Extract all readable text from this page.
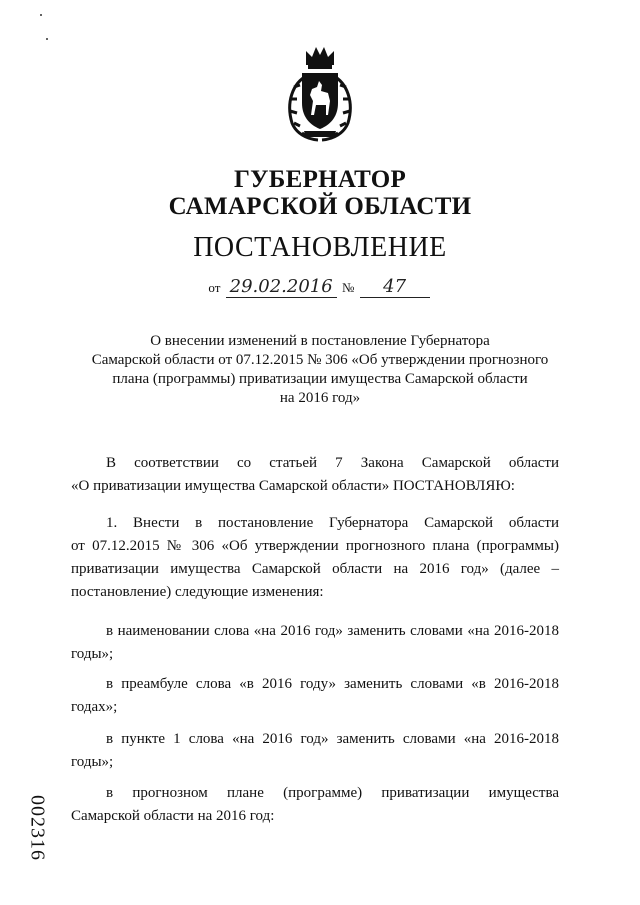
ГУБЕРНАТОР
САМАРСКОЙ ОБЛАСТИ
ПОСТАНОВЛЕНИЕ
от 29.02.2016 № 47
О внесении изменений в постановление Губернатора
Самарской области от 07.12.2015 № 306 «Об утверждении прогнозного
плана (программы) приватизации имущества Самарской области
на 2016 год»
В соответствии со статьей 7 Закона Самарской области
«О приватизации имущества Самарской области» ПОСТАНОВЛЯЮ:
1. Внести в постановление Губернатора Самарской области
от 07.12.2015 № 306 «Об утверждении прогнозного плана (программы)
приватизации имущества Самарской области на 2016 год» (далее –
постановление) следующие изменения:
в наименовании слова «на 2016 год» заменить словами «на 2016-2018
годы»;
в преамбуле слова «в 2016 году» заменить словами «в 2016-2018
годах»;
в пункте 1 слова «на 2016 год» заменить словами «на 2016-2018
годы»;
в прогнозном плане (программе) приватизации имущества
Самарской области на 2016 год:
002316
